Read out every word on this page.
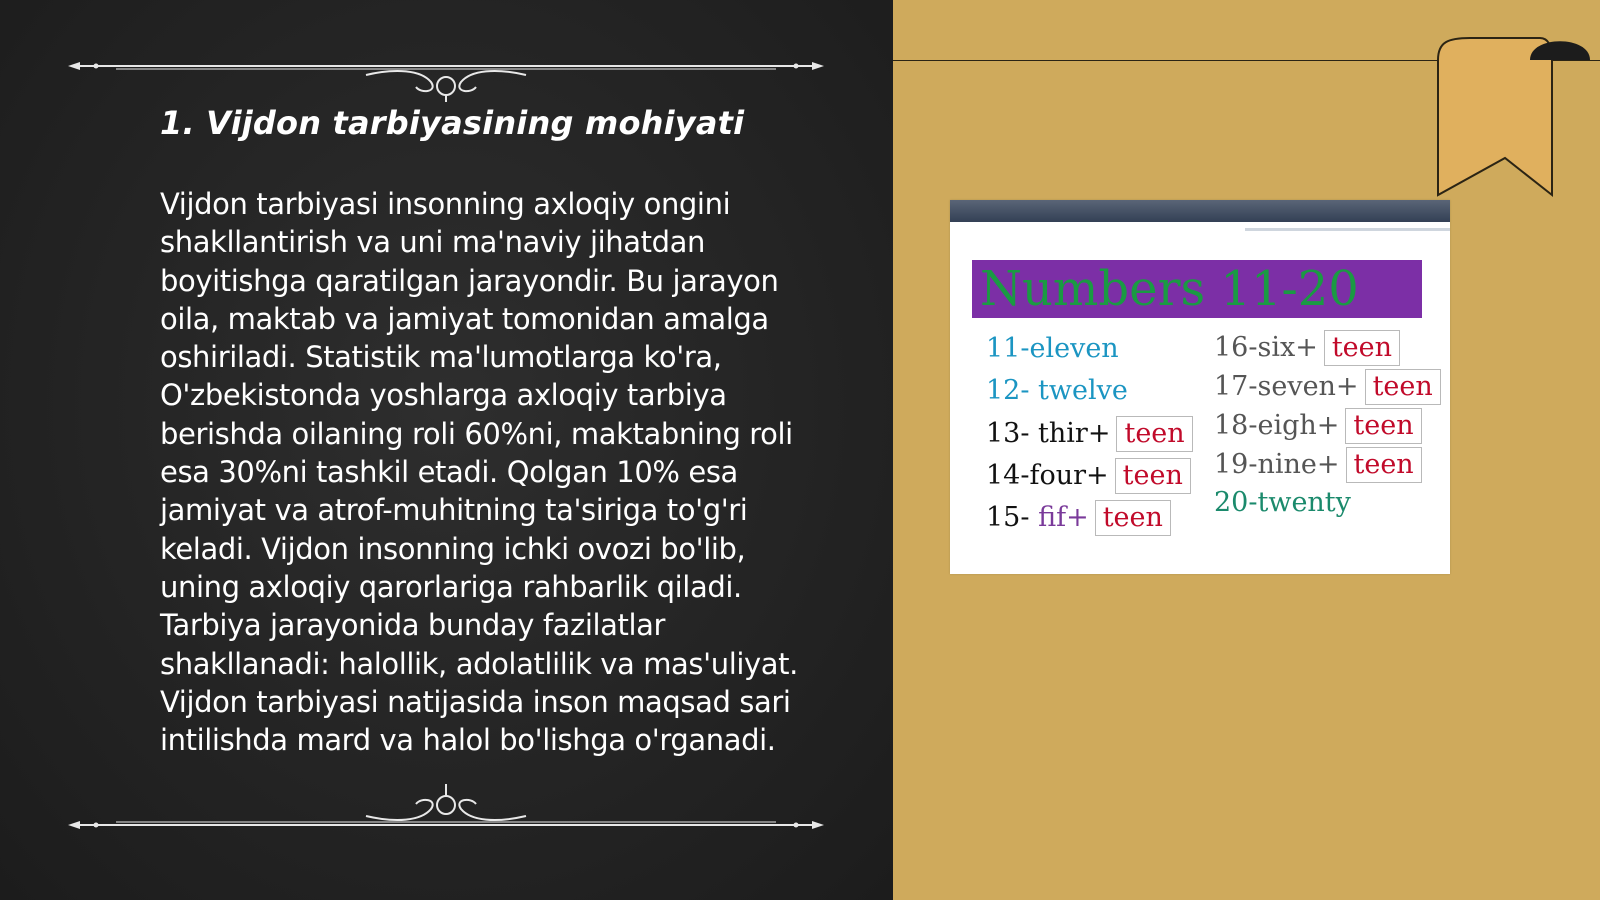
1. Vijdon tarbiyasining mohiyati
Vijdon tarbiyasi insonning axloqiy ongini
shakllantirish va uni ma'naviy jihatdan
boyitishga qaratilgan jarayondir. Bu jarayon
oila, maktab va jamiyat tomonidan amalga
oshiriladi. Statistik ma'lumotlarga ko'ra,
O'zbekistonda yoshlarga axloqiy tarbiya
berishda oilaning roli 60%ni, maktabning roli
esa 30%ni tashkil etadi. Qolgan 10% esa
jamiyat va atrof-muhitning ta'siriga to'g'ri
keladi. Vijdon insonning ichki ovozi bo'lib,
uning axloqiy qarorlariga rahbarlik qiladi.
Tarbiya jarayonida bunday fazilatlar
shakllanadi: halollik, adolatlilik va mas'uliyat.
Vijdon tarbiyasi natijasida inson maqsad sari
intilishda mard va halol bo'lishga o'rganadi.
Numbers 11-20
11-eleven
12- twelve
13- thir+ teen
14-four+ teen
15- fif+ teen
16-six+ teen
17-seven+ teen
18-eigh+ teen
19-nine+ teen
20-twenty
